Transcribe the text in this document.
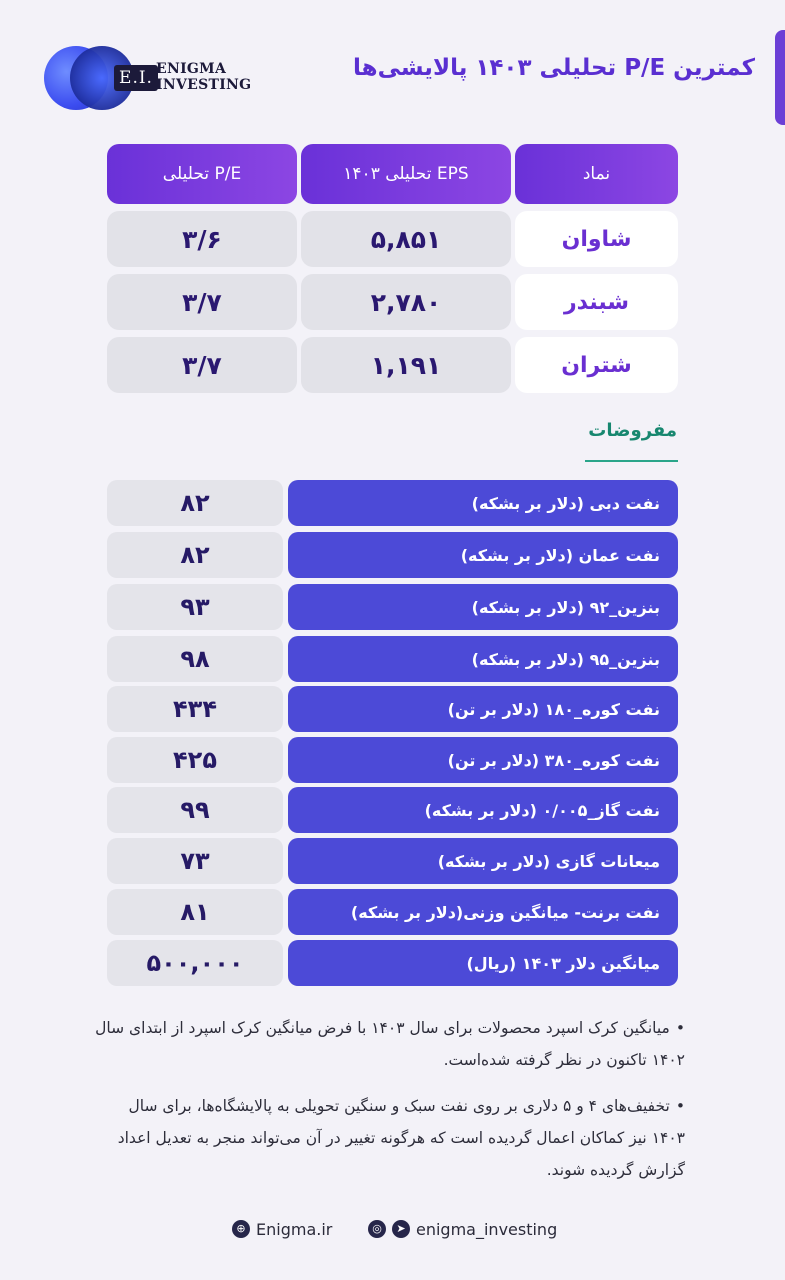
E.I. ENIGMA
INVESTING
کمترین P/E تحلیلی ۱۴۰۳ پالایشی‌ها
نماد
EPS تحلیلی ۱۴۰۳
P/E تحلیلی
شاوان
۵,۸۵۱
۳/۶
شبندر
۲,۷۸۰
۳/۷
شتران
۱,۱۹۱
۳/۷
مفروضات
نفت دبی (دلار بر بشکه)
۸۲
نفت عمان (دلار بر بشکه)
۸۲
بنزین_۹۲ (دلار بر بشکه)
۹۳
بنزین_۹۵ (دلار بر بشکه)
۹۸
نفت کوره_۱۸۰ (دلار بر تن)
۴۳۴
نفت کوره_۳۸۰ (دلار بر تن)
۴۲۵
نفت گاز_۰/۰۰۵ (دلار بر بشکه)
۹۹
میعانات گازی (دلار بر بشکه)
۷۳
نفت برنت- میانگین وزنی(دلار بر بشکه)
۸۱
میانگین دلار ۱۴۰۳ (ریال)
۵۰۰,۰۰۰
•میانگین کرک اسپرد محصولات برای سال ۱۴۰۳ با فرض میانگین کرک اسپرد از ابتدای سال ۱۴۰۲ تاکنون در نظر گرفته شده‌است.
•تخفیف‌های ۴ و ۵ دلاری بر روی نفت سبک و سنگین تحویلی به پالایشگاه‌ها، برای سال ۱۴۰۳ نیز کماکان اعمال گردیده است که هرگونه تغییر در آن می‌تواند منجر به تعدیل اعداد گزارش گردیده شوند.
⊕ Enigma.ir	◎	➤ enigma_investing
